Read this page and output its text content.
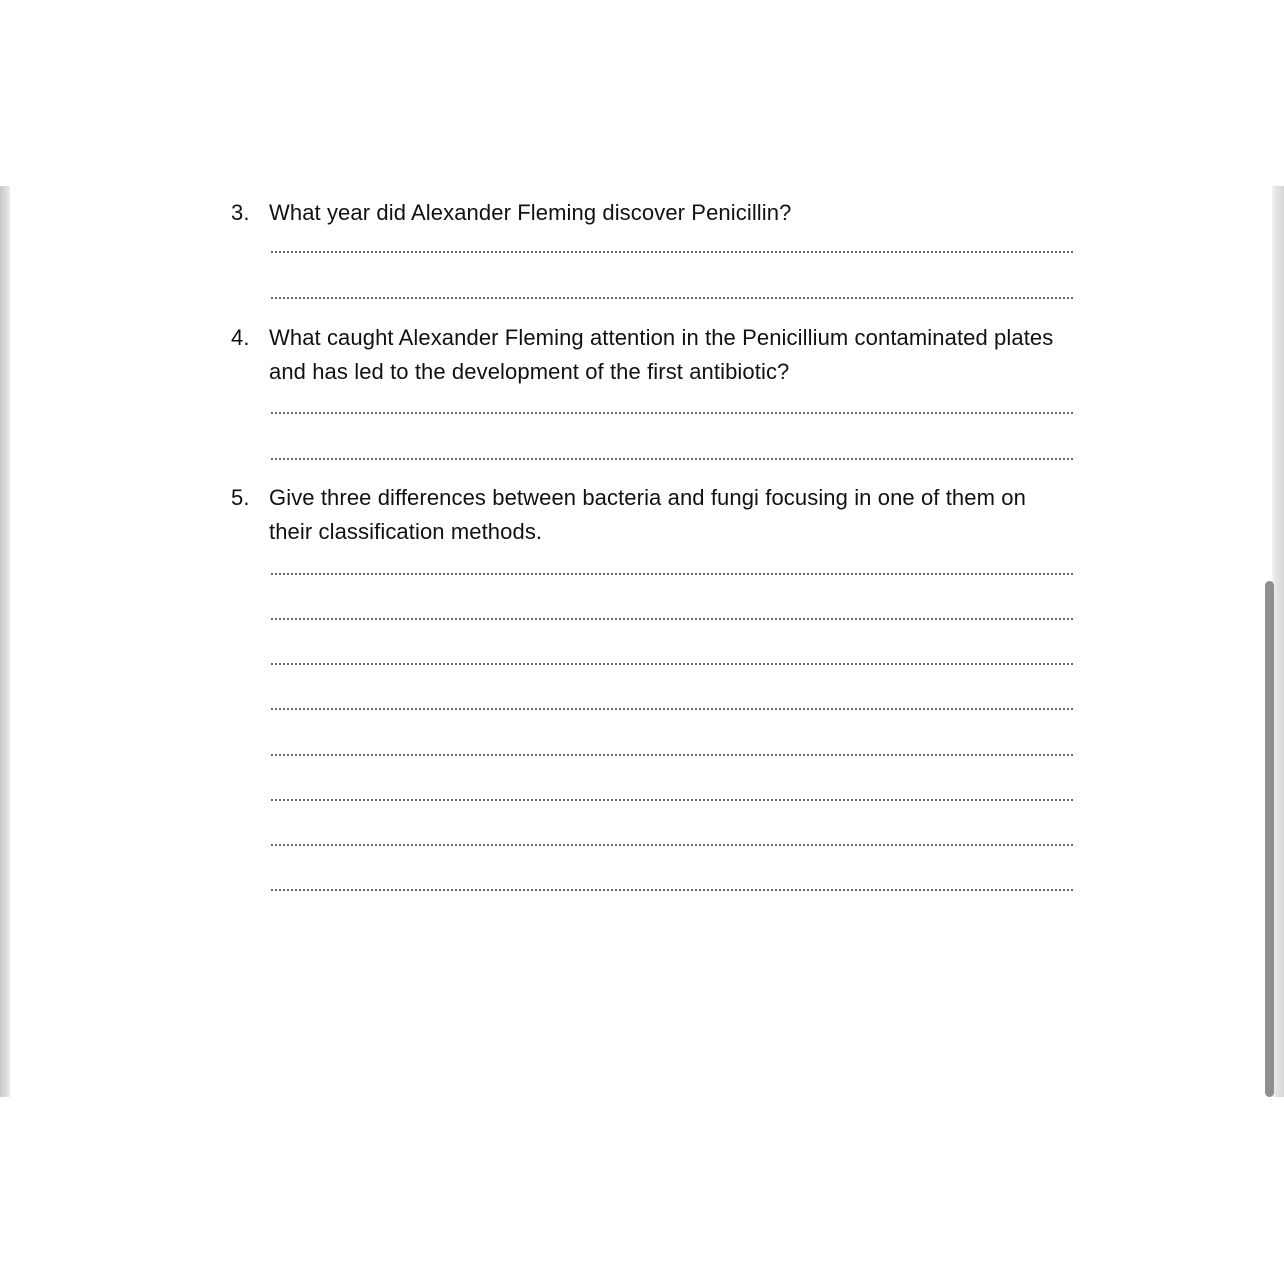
3. What year did Alexander Fleming discover Penicillin?
4. What caught Alexander Fleming attention in the Penicillium contaminated plates
and has led to the development of the first antibiotic?
5. Give three differences between bacteria and fungi focusing in one of them on
their classification methods.
